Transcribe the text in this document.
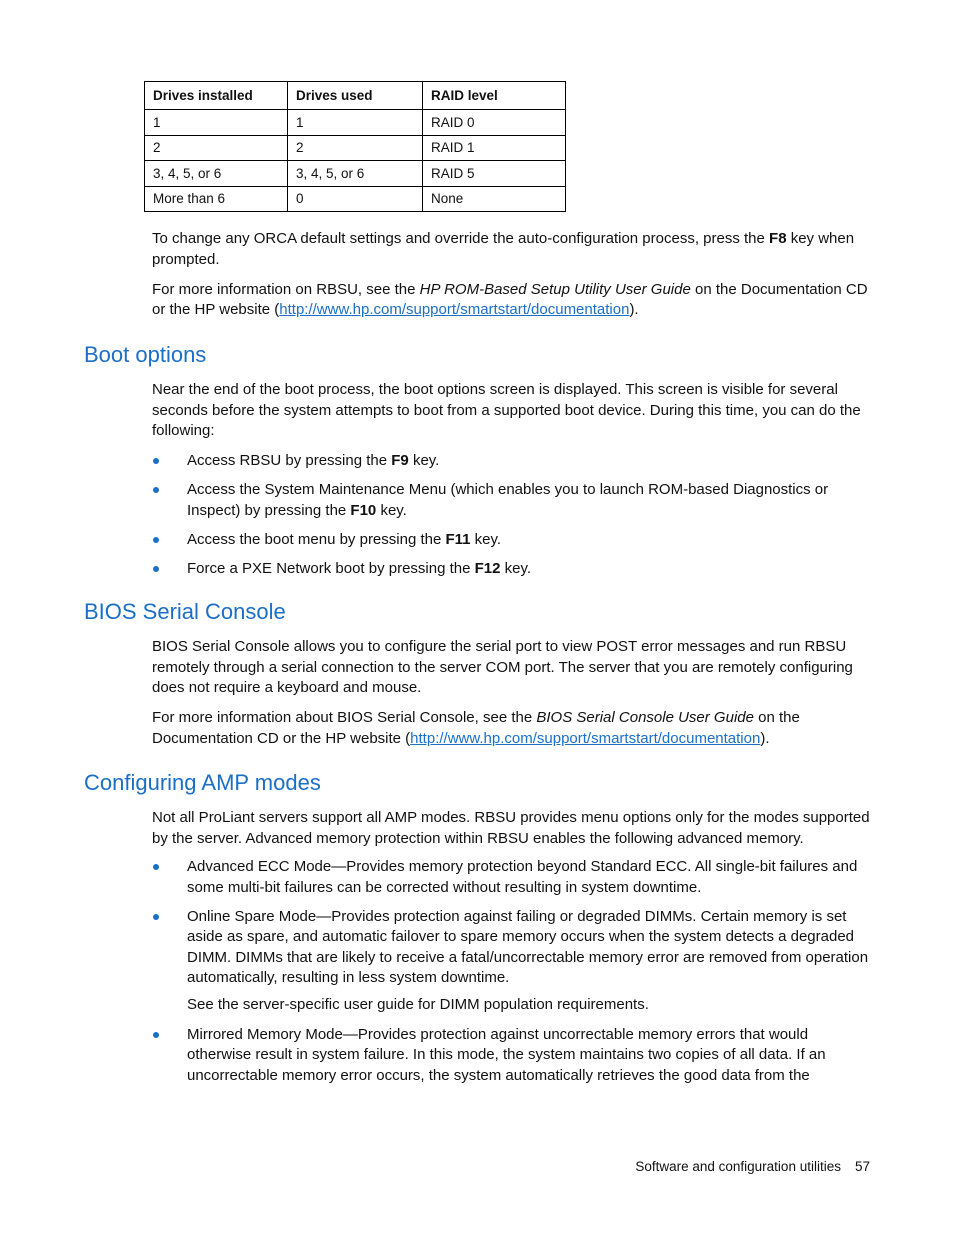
Drives installed	Drives used	RAID level
1	1	RAID 0
2	2	RAID 1
3, 4, 5, or 6	3, 4, 5, or 6	RAID 5
More than 6	0	None

To change any ORCA default settings and override the auto-configuration process, press the F8 key when prompted.

For more information on RBSU, see the HP ROM-Based Setup Utility User Guide on the Documentation CD or the HP website (http://www.hp.com/support/smartstart/documentation).

Boot options

Near the end of the boot process, the boot options screen is displayed. This screen is visible for several seconds before the system attempts to boot from a supported boot device. During this time, you can do the following:

Access RBSU by pressing the F9 key.
Access the System Maintenance Menu (which enables you to launch ROM-based Diagnostics or Inspect) by pressing the F10 key.
Access the boot menu by pressing the F11 key.
Force a PXE Network boot by pressing the F12 key.
BIOS Serial Console

BIOS Serial Console allows you to configure the serial port to view POST error messages and run RBSU remotely through a serial connection to the server COM port. The server that you are remotely configuring does not require a keyboard and mouse.

For more information about BIOS Serial Console, see the BIOS Serial Console User Guide on the Documentation CD or the HP website (http://www.hp.com/support/smartstart/documentation).

Configuring AMP modes

Not all ProLiant servers support all AMP modes. RBSU provides menu options only for the modes supported by the server. Advanced memory protection within RBSU enables the following advanced memory.

Advanced ECC Mode—Provides memory protection beyond Standard ECC. All single-bit failures and some multi-bit failures can be corrected without resulting in system downtime.
Online Spare Mode—Provides protection against failing or degraded DIMMs. Certain memory is set aside as spare, and automatic failover to spare memory occurs when the system detects a degraded DIMM. DIMMs that are likely to receive a fatal/uncorrectable memory error are removed from operation automatically, resulting in less system downtime.
See the server-specific user guide for DIMM population requirements.
Mirrored Memory Mode—Provides protection against uncorrectable memory errors that would otherwise result in system failure. In this mode, the system maintains two copies of all data. If an uncorrectable memory error occurs, the system automatically retrieves the good data from the
Software and configuration utilities 57
